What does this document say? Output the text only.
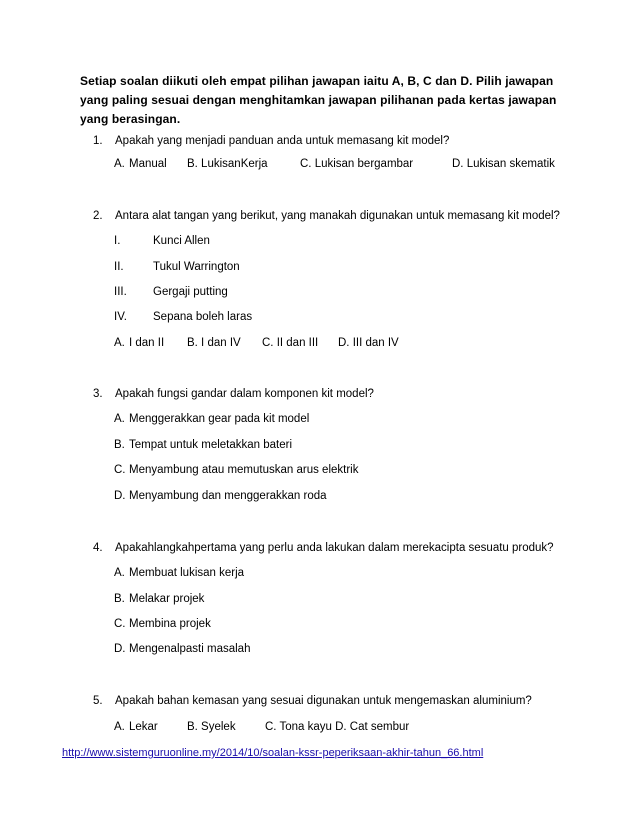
Setiap soalan diikuti oleh empat pilihan jawapan iaitu A, B, C dan D. Pilih jawapan yang paling sesuai dengan menghitamkan jawapan pilihanan pada kertas jawapan yang berasingan.
1. Apakah yang menjadi panduan anda untuk memasang kit model?
A. Manual B. LukisanKerja	C. Lukisan bergambar	D. Lukisan skematik
2. Antara alat tangan yang berikut, yang manakah digunakan untuk memasang kit model?
I.	Kunci Allen
II.	Tukul Warrington
III. Gergaji putting
IV. Sepana boleh laras
A. I dan II B. I dan IV C. II dan III D. III dan IV
3. Apakah fungsi gandar dalam komponen kit model?
A. Menggerakkan gear pada kit model
B. Tempat untuk meletakkan bateri
C. Menyambung atau memutuskan arus elektrik
D. Menyambung dan menggerakkan roda
4. Apakahlangkahpertama yang perlu anda lakukan dalam merekacipta sesuatu produk?
A. Membuat lukisan kerja
B. Melakar projek
C. Membina projek
D. Mengenalpasti masalah
5. Apakah bahan kemasan yang sesuai digunakan untuk mengemaskan aluminium?
A. Lekar	B. Syelek	C. Tona kayu D. Cat sembur
http://www.sistemguruonline.my/2014/10/soalan-kssr-peperiksaan-akhir-tahun_66.html
